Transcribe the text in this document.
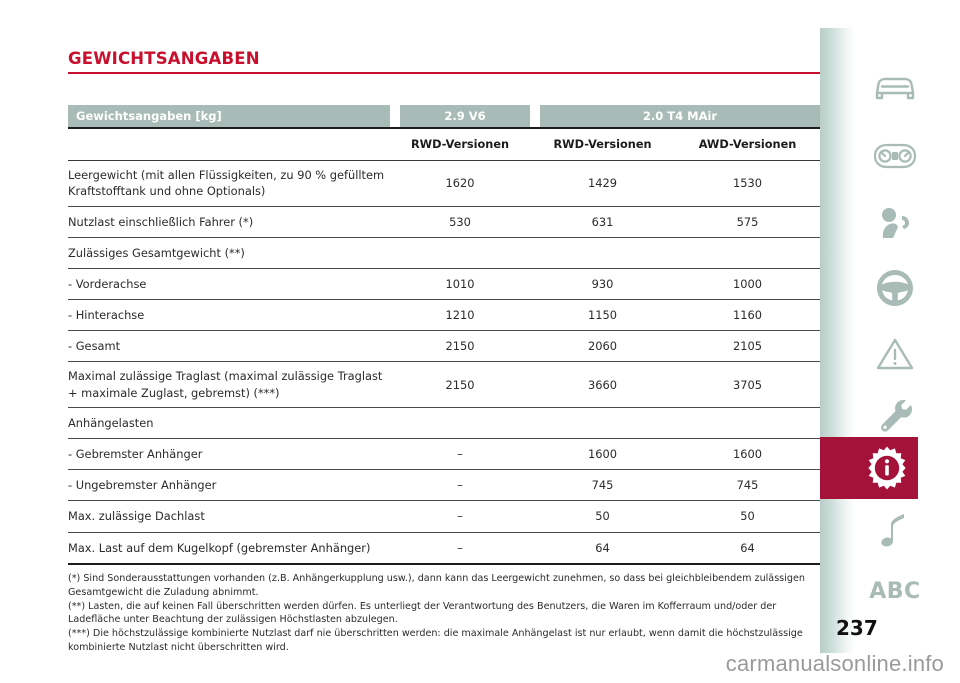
GEWICHTSANGABEN
Gewichtsangaben [kg]	2.9 V6	2.0 T4 MAir	

	RWD-Versionen	RWD-Versionen	AWD-Versionen
Leergewicht (mit allen Flüssigkeiten, zu 90 % gefülltem Kraftstofftank und ohne Optionals)	1620	1429	1530
Nutzlast einschließlich Fahrer (*)	530	631	575
Zulässiges Gesamtgewicht (**)			
- Vorderachse	1010	930	1000
- Hinterachse	1210	1150	1160
- Gesamt	2150	2060	2105
Maximal zulässige Traglast (maximal zulässige Traglast + maximale Zuglast, gebremst) (***)	2150	3660	3705
Anhängelasten			
- Gebremster Anhänger	–	1600	1600
- Ungebremster Anhänger	–	745	745
Max. zulässige Dachlast	–	50	50
Max. Last auf dem Kugelkopf (gebremster Anhänger)	–	64	64

(*) Sind Sonderausstattungen vorhanden (z.B. Anhängerkupplung usw.), dann kann das Leergewicht zunehmen, so dass bei gleichbleibendem zulässigen Gesamtgewicht die Zuladung abnimmt.

(**) Lasten, die auf keinen Fall überschritten werden dürfen. Es unterliegt der Verantwortung des Benutzers, die Waren im Kofferraum und/oder der Ladefläche unter Beachtung der zulässigen Höchstlasten abzulegen.

(***) Die höchstzulässige kombinierte Nutzlast darf nie überschritten werden: die maximale Anhängelast ist nur erlaubt, wenn damit die höchstzulässige kombinierte Nutzlast nicht überschritten wird.

ABC
237
carmanualsonline.info
